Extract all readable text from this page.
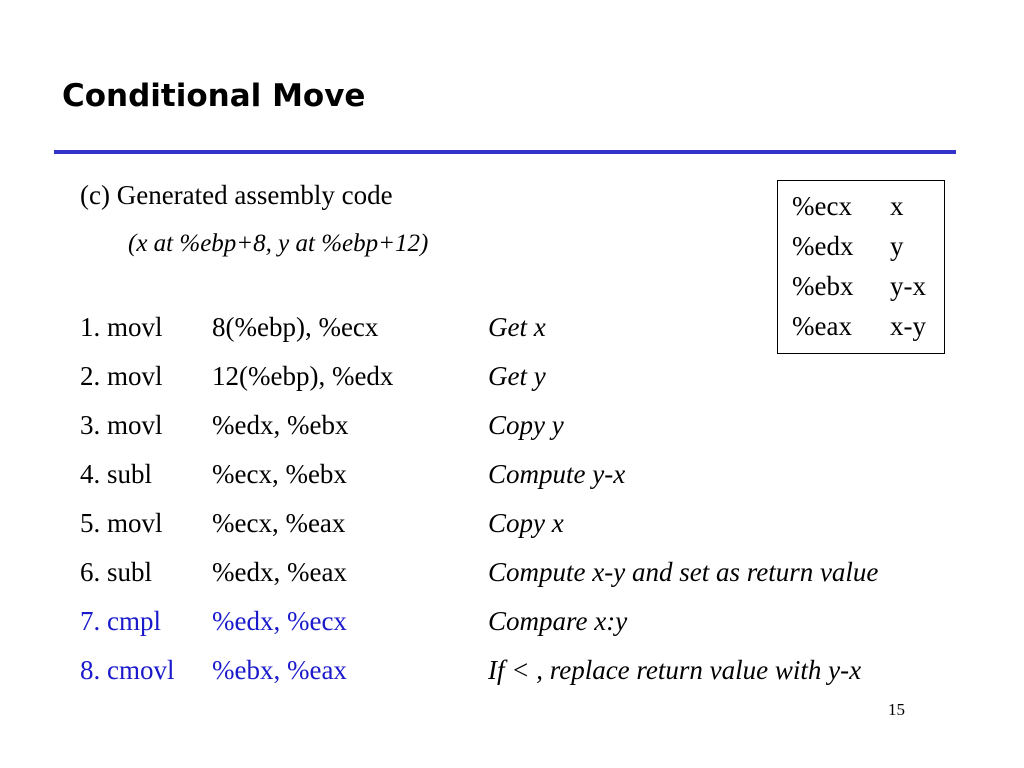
Conditional Move
(c) Generated assembly code
(x at %ebp+8, y at %ebp+12)
1. movl 8(%ebp), %ecx	Get x
2. movl 12(%ebp), %edx	Get y
3. movl %edx, %ebx	Copy y
4. subl %ecx, %ebx	Compute y-x
5. movl %ecx, %eax	Copy x
6. subl %edx, %eax	Compute x-y and set as return value
7. cmpl %edx, %ecx	Compare x:y
8. cmovl %ebx, %eax	If < , replace return value with y-x
%ecx x
%edx y
%ebx y-x
%eax x-y
15
